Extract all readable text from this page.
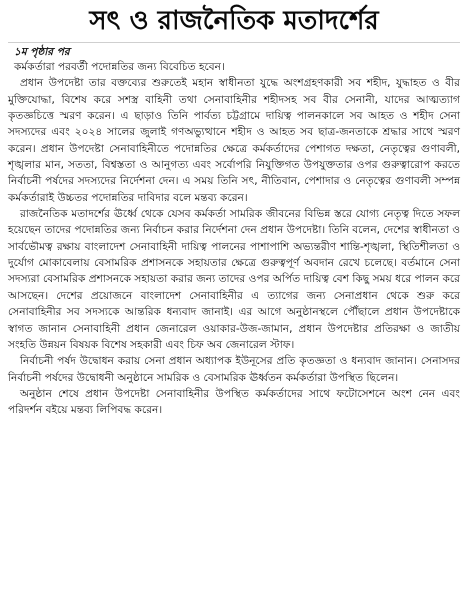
সৎ ও রাজনৈতিক মতাদর্শের
১ম পৃষ্ঠার পর

কর্মকর্তারা পরবর্তী পদোন্নতির জন্য বিবেচিত হবেন।

প্রধান উপদেষ্টা তার বক্তব্যের শুরুতেই মহান স্বাধীনতা যুদ্ধে অংশগ্রহণকারী সব শহীদ, যুদ্ধাহত ও বীর মুক্তিযোদ্ধা, বিশেষ করে সশস্ত্র বাহিনী তথা সেনাবাহিনীর শহীদসহ সব বীর সেনানী, যাদের আত্মত্যাগ কৃতজ্ঞচিত্তে স্মরণ করেন। এ ছাড়াও তিনি পার্বত্য চট্টগ্রামে দায়িত্ব পালনকালে সব আহত ও শহীদ সেনা সদস্যদের এবং ২০২৪ সালের জুলাই গণঅভ্যুত্থানে শহীদ ও আহত সব ছাত্র-জনতাকে শ্রদ্ধার সাথে স্মরণ করেন। প্রধান উপদেষ্টা সেনাবাহিনীতে পদোন্নতির ক্ষেত্রে কর্মকর্তাদের পেশাগত দক্ষতা, নেতৃত্বের গুণাবলী, শৃঙ্খলার মান, সততা, বিশ্বস্ততা ও আনুগত্য এবং সর্বোপরি নিযুক্তিগত উপযুক্ততার ওপর গুরুত্বারোপ করতে নির্বাচনী পর্ষদের সদস্যদের নির্দেশনা দেন। এ সময় তিনি সৎ, নীতিবান, পেশাদার ও নেতৃত্বের গুণাবলী সম্পন্ন কর্মকর্তারাই উচ্চতর পদোন্নতির দাবিদার বলে মন্তব্য করেন।

রাজনৈতিক মতাদর্শের ঊর্ধ্বে থেকে যেসব কর্মকর্তা সামরিক জীবনের বিভিন্ন স্তরে যোগ্য নেতৃত্ব দিতে সফল হয়েছেন তাদের পদোন্নতির জন্য নির্বাচন করার নির্দেশনা দেন প্রধান উপদেষ্টা। তিনি বলেন, দেশের স্বাধীনতা ও সার্বভৌমত্ব রক্ষায় বাংলাদেশ সেনাবাহিনী দায়িত্ব পালনের পাশাপাশি অভ্যন্তরীণ শান্তি-শৃঙ্খলা, স্থিতিশীলতা ও দুর্যোগ মোকাবেলায় বেসামরিক প্রশাসনকে সহায়তার ক্ষেত্রে গুরুত্বপূর্ণ অবদান রেখে চলেছে। বর্তমানে সেনা সদস্যরা বেসামরিক প্রশাসনকে সহায়তা করার জন্য তাদের ওপর অর্পিত দায়িত্ব বেশ কিছু সময় ধরে পালন করে আসছেন। দেশের প্রয়োজনে বাংলাদেশ সেনাবাহিনীর এ ত্যাগের জন্য সেনাপ্রধান থেকে শুরু করে সেনাবাহিনীর সব সদস্যকে আন্তরিক ধন্যবাদ জানাই। এর আগে অনুষ্ঠানস্থলে পৌঁছালে প্রধান উপদেষ্টাকে স্বাগত জানান সেনাবাহিনী প্রধান জেনারেল ওয়াকার-উজ-জামান, প্রধান উপদেষ্টার প্রতিরক্ষা ও জাতীয় সংহতি উন্নয়ন বিষয়ক বিশেষ সহকারী এবং চিফ অব জেনারেল স্টাফ।

নির্বাচনী পর্ষদ উদ্বোধন করায় সেনা প্রধান অধ্যাপক ইউনূসের প্রতি কৃতজ্ঞতা ও ধন্যবাদ জানান। সেনাসদর নির্বাচনী পর্ষদের উদ্বোধনী অনুষ্ঠানে সামরিক ও বেসামরিক ঊর্ধ্বতন কর্মকর্তারা উপস্থিত ছিলেন।

অনুষ্ঠান শেষে প্রধান উপদেষ্টা সেনাবাহিনীর উপস্থিত কর্মকর্তাদের সাথে ফটোসেশনে অংশ নেন এবং পরিদর্শন বইয়ে মন্তব্য লিপিবদ্ধ করেন।
